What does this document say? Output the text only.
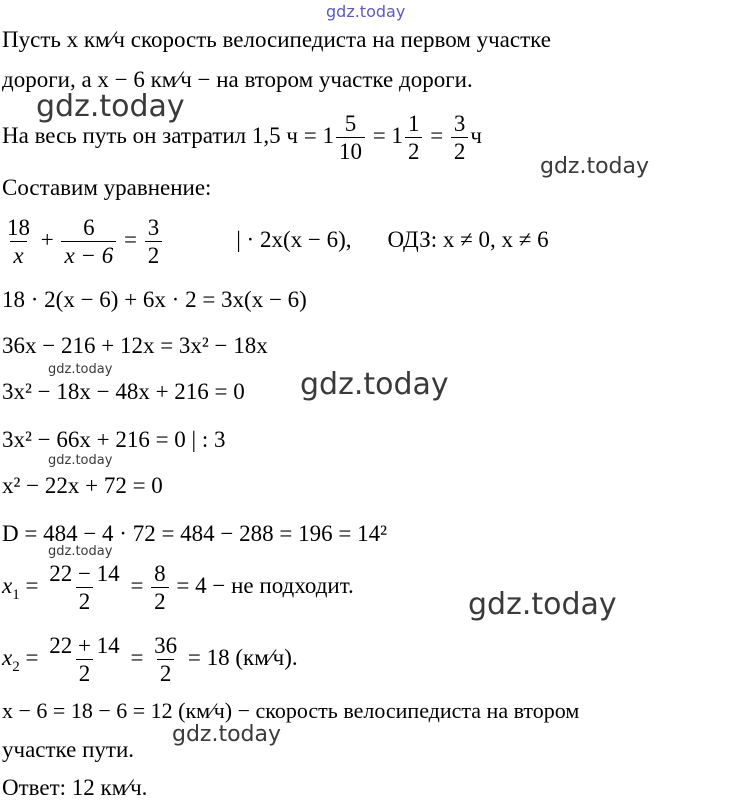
gdz.today
gdz.today
gdz.today
gdz.today
gdz.today
gdz.today
gdz.today
gdz.today
gdz.today
Пусть x км⁄ч скорость велосипедиста на первом участке
дороги, а x − 6 км⁄ч − на втором участке дороги.
На весь путь он затратил 1,5 $ч = 1 \frac{5}{10} = 1 \frac{1}{2} = \frac{3}{2}$ ч
Составим уравнение:
$\frac{18}{x} + \frac{6}{x - 6} = \frac{3}{2}$	| · 2x(x − 6), ОДЗ: x ≠ 0, x ≠ 6
18 · 2(x − 6) + 6x · 2 = 3x(x − 6)
36x − 216 + 12x = 3x² − 18x
3x² − 18x − 48x + 216 = 0
3x² − 66x + 216 = 0 | : 3
x² − 22x + 72 = 0
D = 484 − 4 · 72 = 484 − 288 = 196 = 14²
$x_1 = \frac{22 - 14}{2} = \frac{8}{2} = 4$ − не подходит.
$x_2 = \frac{22 + 14}{2} = \frac{36}{2} = 18$ (км⁄ч).
x − 6 = 18 − 6 = 12 (км⁄ч) − скорость велосипедиста на втором
участке пути.
Ответ: 12 км⁄ч.
